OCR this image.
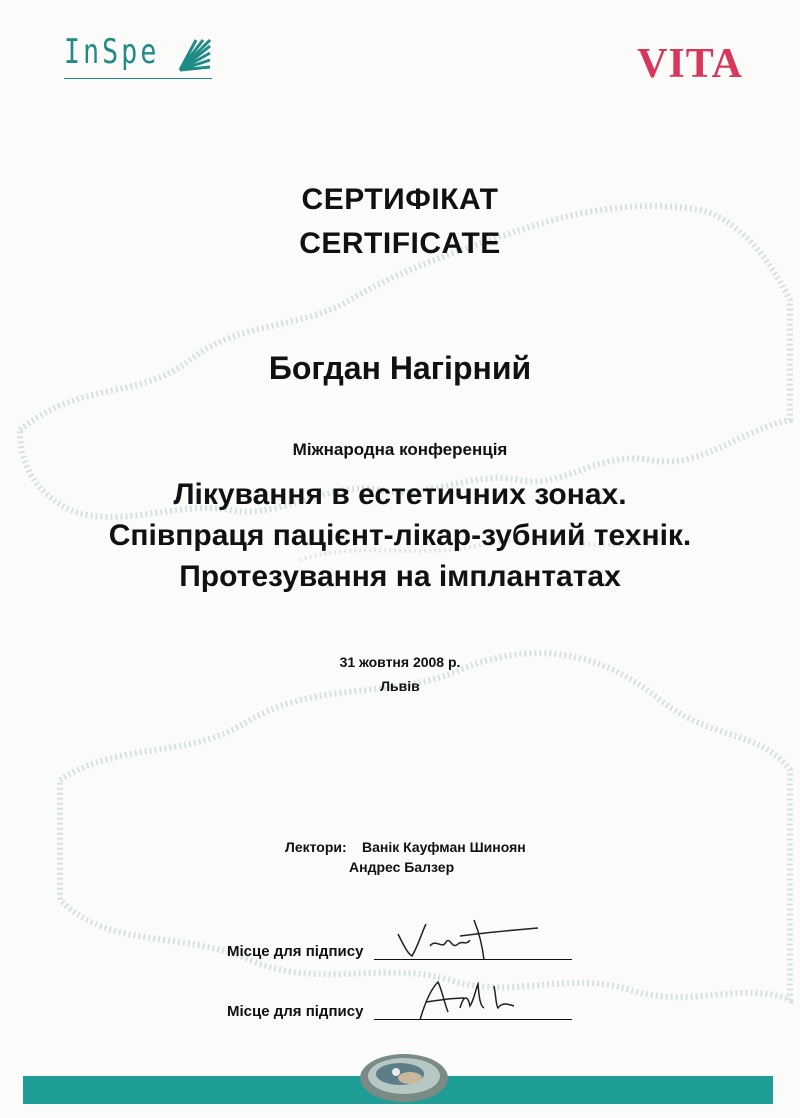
InSpe	VITA
СЕРТИФІКАТ
CERTIFICATE
Богдан Нагірний
Міжнародна конференція
Лікування в естетичних зонах.
Співпраця пацієнт-лікар-зубний технік.
Протезування на імплантатах
31 жовтня 2008 р.
Львів
Лектори: Ванік Кауфман Шиноян
Андрес Балзер
Місце для підпису
Місце для підпису
